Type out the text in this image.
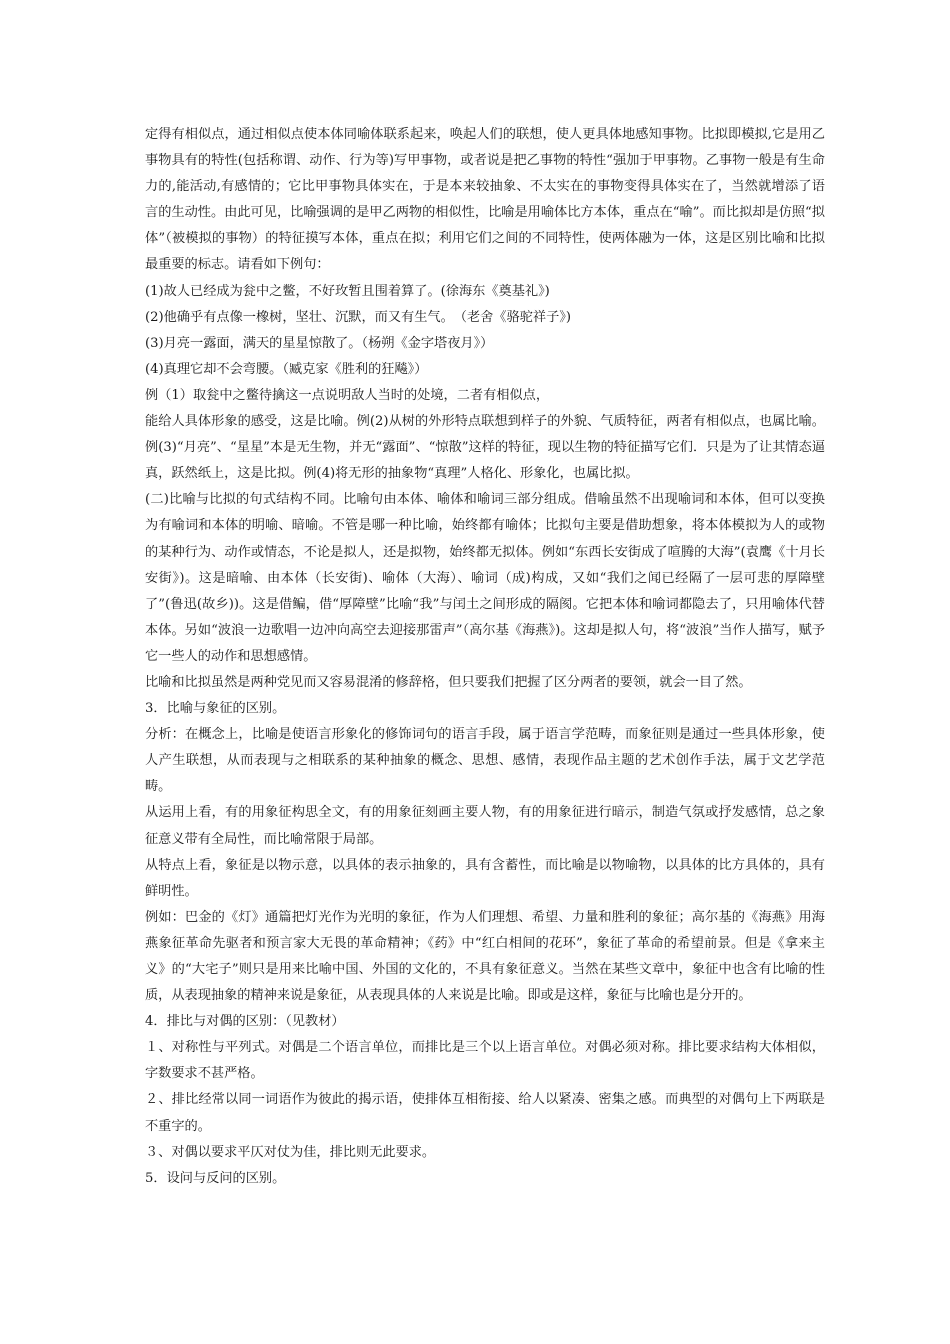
定得有相似点，通过相似点使本体同喻体联系起来，唤起人们的联想，使人更具体地感知事物。比拟即模拟,它是用乙事物具有的特性(包括称谓、动作、行为等)写甲事物，或者说是把乙事物的特性“强加于甲事物。乙事物一般是有生命力的,能活动,有感情的；它比甲事物具体实在，于是本来较抽象、不太实在的事物变得具体实在了，当然就增添了语言的生动性。由此可见，比喻强调的是甲乙两物的相似性，比喻是用喻体比方本体，重点在“喻”。而比拟却是仿照“拟体”（被模拟的事物）的特征摸写本体，重点在拟；利用它们之间的不同特性，使两体融为一体，这是区别比喻和比拟最重要的标志。请看如下例句：

(1)故人已经成为瓮中之鳖，不好玫暂且围着算了。(徐海东《奠基礼》)

(2)他确乎有点像一橡树，坚壮、沉默，而又有生气。　（老舍《骆驼祥子》)

(3)月亮一露面，满天的星星惊散了。（杨朔《金字塔夜月》）

(4)真理它却不会弯腰。（臧克家《胜利的狂飚》）

例（1）取瓮中之鳖待擒这一点说明敌人当时的处境，二者有相似点，

能给人具体形象的感受，这是比喻。例(2)从树的外形特点联想到样子的外貌、气质特征，两者有相似点，也属比喻。例(3)“月亮”、“星星”本是无生物，并无“露面”、“惊散”这样的特征，现以生物的特征描写它们．只是为了让其情态逼真，跃然纸上，这是比拟。例(4)将无形的抽象物“真理”人格化、形象化，也属比拟。

(二)比喻与比拟的句式结构不同。比喻句由本体、喻体和喻词三部分组成。借喻虽然不出现喻词和本体，但可以变换为有喻词和本体的明喻、暗喻。不管是哪一种比喻，始终都有喻体；比拟句主要是借助想象，将本体模拟为人的或物的某种行为、动作或情态，不论是拟人，还是拟物，始终都无拟体。例如“东西长安街成了喧腾的大海”(袁鹰《十月长安街》)。这是暗喻、由本体（长安街)、喻体（大海）、喻词（成)构成，又如“我们之闻已经隔了一层可悲的厚障壁了”(鲁迅(故乡))。这是借鳊，借“厚障壁”比喻“我”与闰土之间形成的隔阂。它把本体和喻词都隐去了，只用喻体代替本体。另如“波浪一边歌唱一边冲向高空去迎接那雷声”（高尔基《海燕》)。这却是拟人句，将“波浪”当作人描写，赋予它一些人的动作和思想感情。

比喻和比拟虽然是两种党见而又容易混淆的修辞格，但只要我们把握了区分两者的要领，就会一目了然。

3．比喻与象征的区别。

分析：在概念上，比喻是使语言形象化的修饰词句的语言手段，属于语言学范畴，而象征则是通过一些具体形象，使人产生联想，从而表现与之相联系的某种抽象的概念、思想、感情，表现作品主题的艺术创作手法，属于文艺学范畴。

从运用上看，有的用象征构思全文，有的用象征刻画主要人物，有的用象征进行暗示，制造气氛或抒发感情，总之象征意义带有全局性，而比喻常限于局部。

从特点上看，象征是以物示意，以具体的表示抽象的，具有含蓄性，而比喻是以物喻物，以具体的比方具体的，具有鲜明性。

例如：巴金的《灯》通篇把灯光作为光明的象征，作为人们理想、希望、力量和胜利的象征；高尔基的《海燕》用海燕象征革命先驱者和预言家大无畏的革命精神；《药》中“红白相间的花环”，象征了革命的希望前景。但是《拿来主义》的“大宅子”则只是用来比喻中国、外国的文化的，不具有象征意义。当然在某些文章中，象征中也含有比喻的性质，从表现抽象的精神来说是象征，从表现具体的人来说是比喻。即或是这样，象征与比喻也是分开的。

4．排比与对偶的区别：（见教材）

１、对称性与平列式。对偶是二个语言单位，而排比是三个以上语言单位。对偶必须对称。排比要求结构大体相似，字数要求不甚严格。

２、排比经常以同一词语作为彼此的揭示语，使排体互相衔接、给人以紧凑、密集之感。而典型的对偶句上下两联是不重字的。

３、对偶以要求平仄对仗为佳，排比则无此要求。

5．设问与反问的区别。
